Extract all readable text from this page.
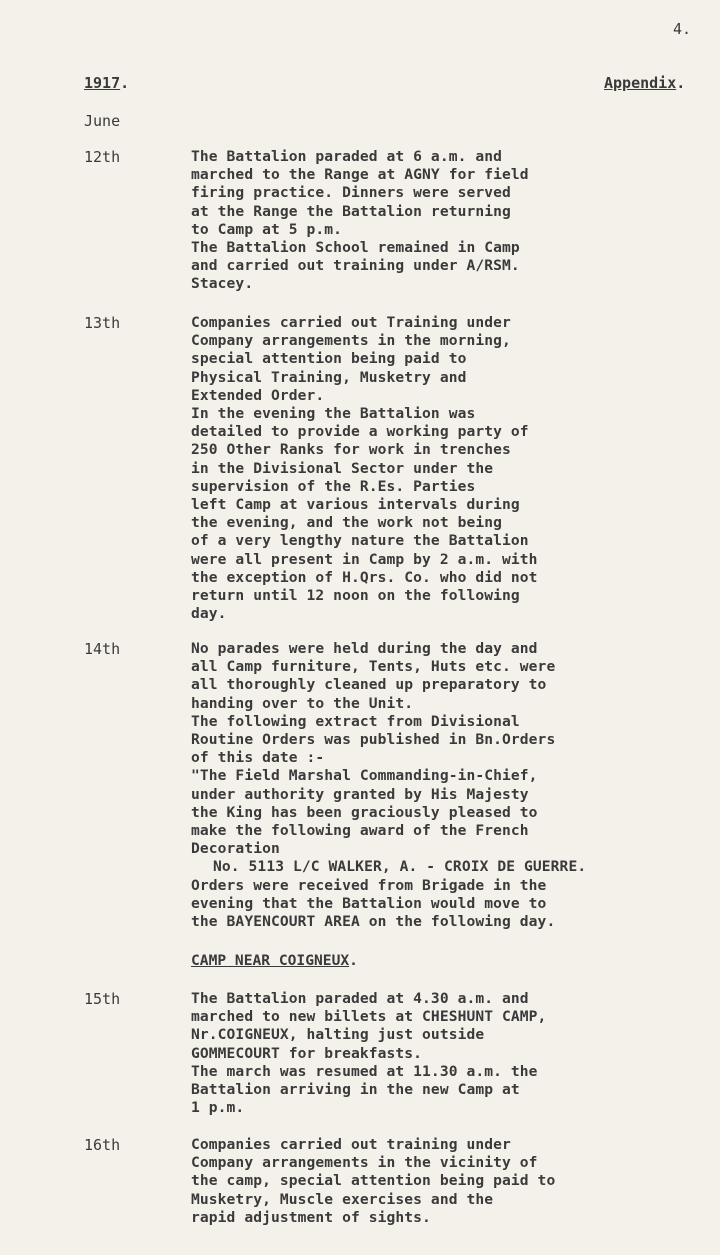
4.
1917.	Appendix.
June
12th	The Battalion paraded at 6 a.m. and
marched to the Range at AGNY for field
firing practice. Dinners were served
at the Range the Battalion returning
to Camp at 5 p.m.
The Battalion School remained in Camp
and carried out training under A/RSM.
Stacey.
13th	Companies carried out Training under
Company arrangements in the morning,
special attention being paid to
Physical Training, Musketry and
Extended Order.
In the evening the Battalion was
detailed to provide a working party of
250 Other Ranks for work in trenches
in the Divisional Sector under the
supervision of the R.Es. Parties
left Camp at various intervals during
the evening, and the work not being
of a very lengthy nature the Battalion
were all present in Camp by 2 a.m. with
the exception of H.Qrs. Co. who did not
return until 12 noon on the following
day.
14th	No parades were held during the day and
all Camp furniture, Tents, Huts etc. were
all thoroughly cleaned up preparatory to
handing over to the Unit.
The following extract from Divisional
Routine Orders was published in Bn.Orders
of this date :-
"The Field Marshal Commanding-in-Chief,
under authority granted by His Majesty
the King has been graciously pleased to
make the following award of the French
Decoration
No. 5113 L/C WALKER, A. - CROIX DE GUERRE.
Orders were received from Brigade in the
evening that the Battalion would move to
the BAYENCOURT AREA on the following day.
CAMP NEAR COIGNEUX.
15th	The Battalion paraded at 4.30 a.m. and
marched to new billets at CHESHUNT CAMP,
Nr.COIGNEUX, halting just outside
GOMMECOURT for breakfasts.
The march was resumed at 11.30 a.m. the
Battalion arriving in the new Camp at
1 p.m.
16th	Companies carried out training under
Company arrangements in the vicinity of
the camp, special attention being paid to
Musketry, Muscle exercises and the
rapid adjustment of sights.
